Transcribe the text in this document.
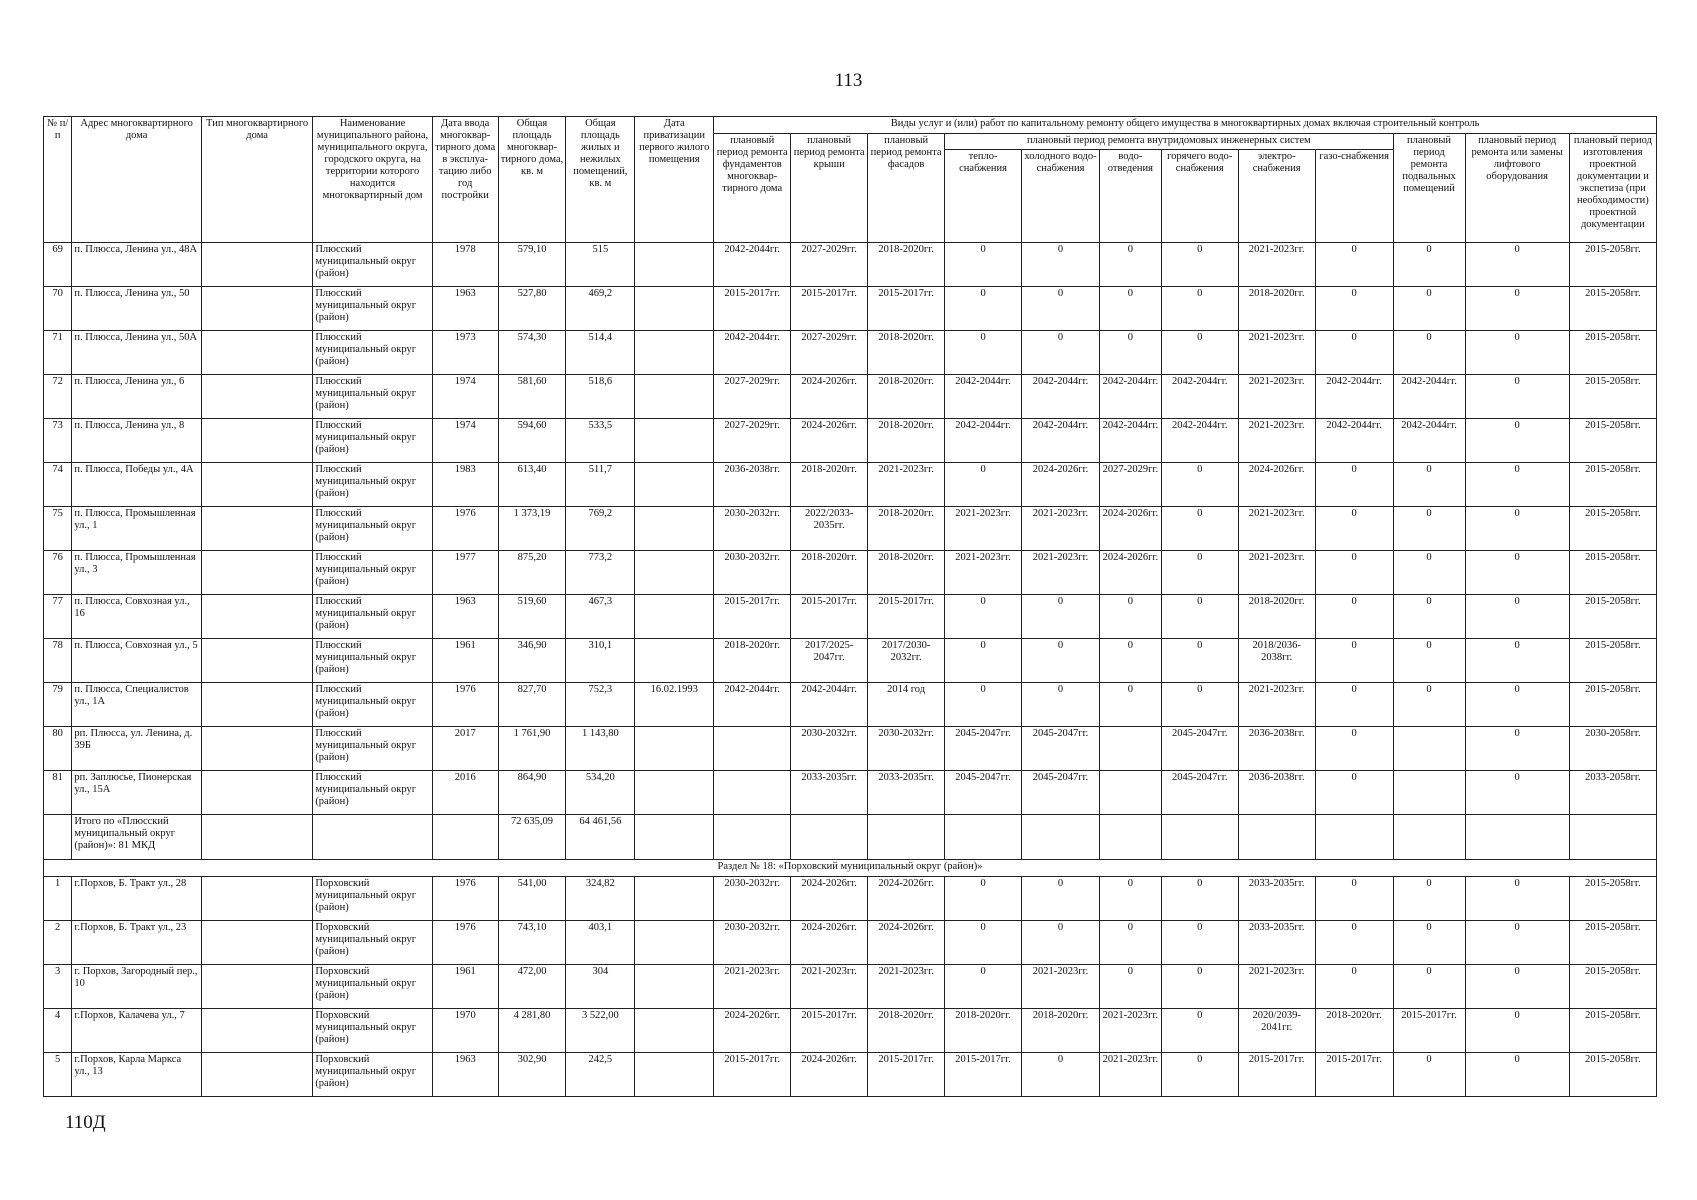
113
№ п/п	Адрес многоквартирного дома	Тип многоквартирного дома	Наименование муниципального района, муниципального округа, городского округа, на территории которого находится многоквартирный дом	Дата ввода многоквар-тирного дома в эксплуа-тацию либо год постройки	Общая площадь многоквар-тирного дома, кв. м	Общая площадь жилых и нежилых помещений, кв. м	Дата приватизации первого жилого помещения	Виды услуг и (или) работ по капитальному ремонту общего имущества в многоквартирных домах включая строительный контроль											
								плановый период ремонта фундаментов многоквар-тирного дома	плановый период ремонта крыши	плановый период ремонта фасадов	плановый период ремонта внутридомовых инженерных систем						плановый период ремонта подвальных помещений	плановый период ремонта или замены лифтового оборудования	плановый период изготовления проектной документации и экспетиза (при необходимости) проектной документации
											тепло-снабжения	холодного водо-снабжения	водо-отведения	горячего водо-снабжения	электро-снабжения	газо-снабжения			
69	п. Плюсса, Ленина ул., 48А		Плюсский муниципальный округ (район)	1978	579,10	515		2042-2044гг.	2027-2029гг.	2018-2020гг.	0	0	0	0	2021-2023гг.	0	0	0	2015-2058гг.
70	п. Плюсса, Ленина ул., 50		Плюсский муниципальный округ (район)	1963	527,80	469,2		2015-2017гг.	2015-2017гг.	2015-2017гг.	0	0	0	0	2018-2020гг.	0	0	0	2015-2058гг.
71	п. Плюсса, Ленина ул., 50А		Плюсский муниципальный округ (район)	1973	574,30	514,4		2042-2044гг.	2027-2029гг.	2018-2020гг.	0	0	0	0	2021-2023гг.	0	0	0	2015-2058гг.
72	п. Плюсса, Ленина ул., 6		Плюсский муниципальный округ (район)	1974	581,60	518,6		2027-2029гг.	2024-2026гг.	2018-2020гг.	2042-2044гг.	2042-2044гг.	2042-2044гг.	2042-2044гг.	2021-2023гг.	2042-2044гг.	2042-2044гг.	0	2015-2058гг.
73	п. Плюсса, Ленина ул., 8		Плюсский муниципальный округ (район)	1974	594,60	533,5		2027-2029гг.	2024-2026гг.	2018-2020гг.	2042-2044гг.	2042-2044гг.	2042-2044гг.	2042-2044гг.	2021-2023гг.	2042-2044гг.	2042-2044гг.	0	2015-2058гг.
74	п. Плюсса, Победы ул., 4А		Плюсский муниципальный округ (район)	1983	613,40	511,7		2036-2038гг.	2018-2020гг.	2021-2023гг.	0	2024-2026гг.	2027-2029гг.	0	2024-2026гг.	0	0	0	2015-2058гг.
75	п. Плюсса, Промышленная ул., 1		Плюсский муниципальный округ (район)	1976	1 373,19	769,2		2030-2032гг.	2022/2033-2035гг.	2018-2020гг.	2021-2023гг.	2021-2023гг.	2024-2026гг.	0	2021-2023гг.	0	0	0	2015-2058гг.
76	п. Плюсса, Промышленная ул., 3		Плюсский муниципальный округ (район)	1977	875,20	773,2		2030-2032гг.	2018-2020гг.	2018-2020гг.	2021-2023гг.	2021-2023гг.	2024-2026гг.	0	2021-2023гг.	0	0	0	2015-2058гг.
77	п. Плюсса, Совхозная ул., 16		Плюсский муниципальный округ (район)	1963	519,60	467,3		2015-2017гг.	2015-2017гг.	2015-2017гг.	0	0	0	0	2018-2020гг.	0	0	0	2015-2058гг.
78	п. Плюсса, Совхозная ул., 5		Плюсский муниципальный округ (район)	1961	346,90	310,1		2018-2020гг.	2017/2025-2047гг.	2017/2030-2032гг.	0	0	0	0	2018/2036-2038гг.	0	0	0	2015-2058гг.
79	п. Плюсса, Специалистов ул., 1А		Плюсский муниципальный округ (район)	1976	827,70	752,3	16.02.1993	2042-2044гг.	2042-2044гг.	2014 год	0	0	0	0	2021-2023гг.	0	0	0	2015-2058гг.
80	рп. Плюсса, ул. Ленина, д. 39Б		Плюсский муниципальный округ (район)	2017	1 761,90	1 143,80			2030-2032гг.	2030-2032гг.	2045-2047гг.	2045-2047гг.		2045-2047гг.	2036-2038гг.	0		0	2030-2058гг.
81	рп. Заплюсье, Пионерская ул., 15А		Плюсский муниципальный округ (район)	2016	864,90	534,20			2033-2035гг.	2033-2035гг.	2045-2047гг.	2045-2047гг.		2045-2047гг.	2036-2038гг.	0		0	2033-2058гг.
	Итого по «Плюсский муниципальный округ (район)»: 81 МКД				72 635,09	64 461,56													
Раздел № 18: «Порховский муниципальный округ (район)»																			
1	г.Порхов, Б. Тракт ул., 28		Порховский муниципальный округ (район)	1976	541,00	324,82		2030-2032гг.	2024-2026гг.	2024-2026гг.	0	0	0	0	2033-2035гг.	0	0	0	2015-2058гг.
2	г.Порхов, Б. Тракт ул., 23		Порховский муниципальный округ (район)	1976	743,10	403,1		2030-2032гг.	2024-2026гг.	2024-2026гг.	0	0	0	0	2033-2035гг.	0	0	0	2015-2058гг.
3	г. Порхов, Загородный пер., 10		Порховский муниципальный округ (район)	1961	472,00	304		2021-2023гг.	2021-2023гг.	2021-2023гг.	0	2021-2023гг.	0	0	2021-2023гг.	0	0	0	2015-2058гг.
4	г.Порхов, Калачева ул., 7		Порховский муниципальный округ (район)	1970	4 281,80	3 522,00		2024-2026гг.	2015-2017гг.	2018-2020гг.	2018-2020гг.	2018-2020гг.	2021-2023гг.	0	2020/2039-2041гг.	2018-2020гг.	2015-2017гг.	0	2015-2058гг.
5	г.Порхов, Карла Маркса ул., 13		Порховский муниципальный округ (район)	1963	302,90	242,5		2015-2017гг.	2024-2026гг.	2015-2017гг.	2015-2017гг.	0	2021-2023гг.	0	2015-2017гг.	2015-2017гг.	0	0	2015-2058гг.
110Д
